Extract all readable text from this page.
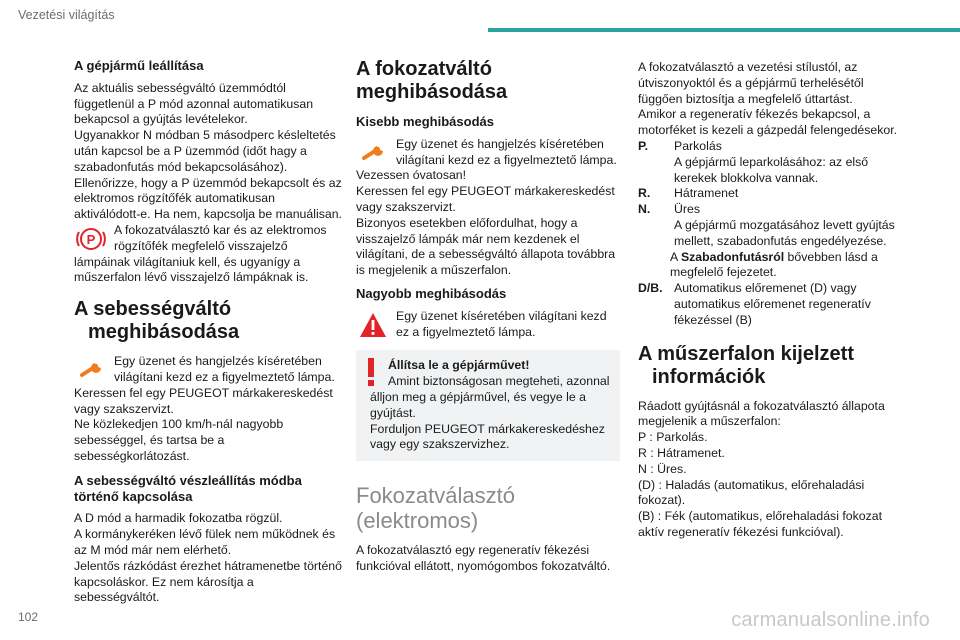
Vezetési világítás
A gépjármű leállítása

Az aktuális sebességváltó üzemmódtól függetlenül a P mód azonnal automatikusan bekapcsol a gyújtás levételekor.

Ugyanakkor N módban 5 másodperc késleltetés után kapcsol be a P üzemmód (időt hagy a szabadonfutás mód bekapcsolásához).

Ellenőrizze, hogy a P üzemmód bekapcsolt és az elektromos rögzítőfék automatikusan aktiválódott-e. Ha nem, kapcsolja be manuálisan.

P

A fokozatválasztó kar és az elektromos rögzítőfék megfelelő visszajelző lámpáinak világítaniuk kell, és ugyanígy a műszerfalon lévő visszajelző lámpáknak is.

A sebességváltó
meghibásodása

Egy üzenet és hangjelzés kíséretében világítani kezd ez a figyelmeztető lámpa.

Keressen fel egy PEUGEOT márkakereskedést vagy szakszervizt.

Ne közlekedjen 100 km/h-nál nagyobb sebességgel, és tartsa be a sebességkorlátozást.

A sebességváltó vészleállítás módba történő kapcsolása

A D mód a harmadik fokozatba rögzül.

A kormánykeréken lévő fülek nem működnek és az M mód már nem elérhető.

Jelentős rázkódást érezhet hátramenetbe történő kapcsoláskor. Ez nem károsítja a sebességváltót.

A fokozatváltó
meghibásodása
Kisebb meghibásodás

Egy üzenet és hangjelzés kíséretében világítani kezd ez a figyelmeztető lámpa.

Vezessen óvatosan!

Keressen fel egy PEUGEOT márkakereskedést vagy szakszervizt.

Bizonyos esetekben előfordulhat, hogy a visszajelző lámpák már nem kezdenek el világítani, de a sebességváltó állapota továbbra is megjelenik a műszerfalon.

Nagyobb meghibásodás

Egy üzenet kíséretében világítani kezd ez a figyelmeztető lámpa.

Állítsa le a gépjárművet!

Amint biztonságosan megteheti, azonnal

álljon meg a gépjárművel, és vegye le a gyújtást.

Forduljon PEUGEOT márkakereskedéshez vagy egy szakszervizhez.

Fokozatválasztó
(elektromos)

A fokozatválasztó egy regeneratív fékezési funkcióval ellátott, nyomógombos fokozatváltó.

A fokozatválasztó a vezetési stílustól, az útviszonyoktól és a gépjármű terhelésétől függően biztosítja a megfelelő úttartást.

Amikor a regeneratív fékezés bekapcsol, a motorféket is kezeli a gázpedál felengedésekor.

P.	Parkolás
A gépjármű leparkolásához: az első kerekek blokkolva vannak.
R.	Hátramenet
N.	Üres
A gépjármű mozgatásához levett gyújtás mellett, szabadonfutás engedélyezése.

A Szabadonfutásról bővebben lásd a megfelelő fejezetet.

D/B. Automatikus előremenet (D) vagy automatikus előremenet regeneratív fékezéssel (B)
A műszerfalon kijelzett
információk

Ráadott gyújtásnál a fokozatválasztó állapota megjelenik a műszerfalon:

P : Parkolás.

R : Hátramenet.

N : Üres.

(D) : Haladás (automatikus, előrehaladási fokozat).

(B) : Fék (automatikus, előrehaladási fokozat aktív regeneratív fékezési funkcióval).

102	carmanualsonline.info
